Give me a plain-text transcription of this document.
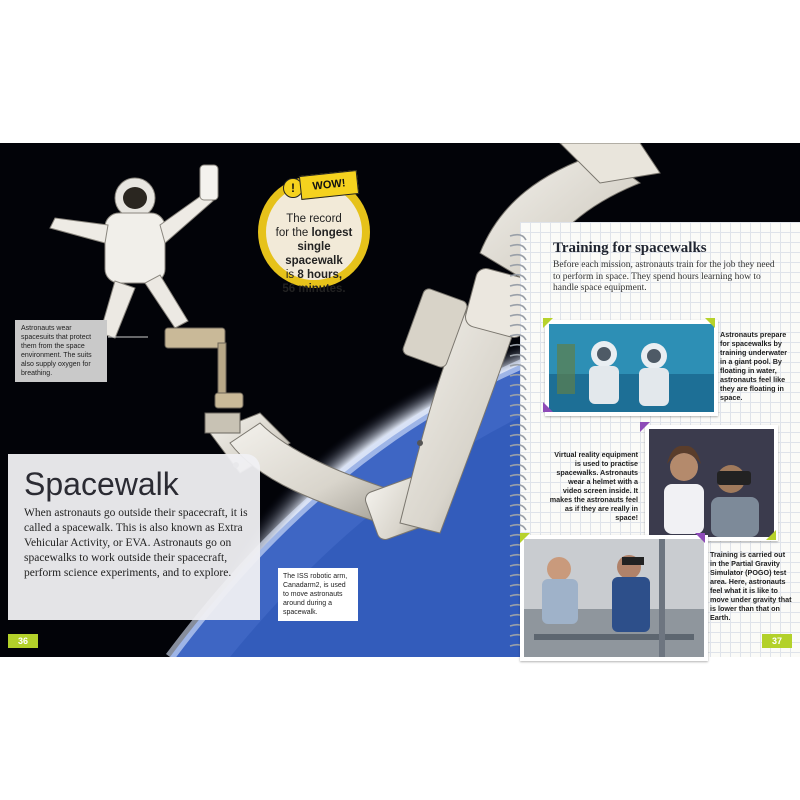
!	WOW!
The record
for the longest
single spacewalk
is 8 hours,
56 minutes.
Astronauts wear spacesuits that protect them from the space environment. The suits also supply oxygen for breathing.
The ISS robotic arm, Canadarm2, is used to move astronauts around during a spacewalk.
Spacewalk
When astronauts go outside their spacecraft, it is called a spacewalk. This is also known as Extra Vehicular Activity, or EVA. Astronauts go on spacewalks to work outside their spacecraft, perform science experiments, and to explore.
Training for spacewalks
Before each mission, astronauts train for the job they need to perform in space. They spend hours learning how to handle space equipment.
Astronauts prepare for spacewalks by training underwater in a giant pool. By floating in water, astronauts feel like they are floating in space.
Virtual reality equipment is used to practise spacewalks. Astronauts wear a helmet with a video screen inside. It makes the astronauts feel as if they are really in space!
Training is carried out in the Partial Gravity Simulator (POGO) test area. Here, astronauts feel what it is like to move under gravity that is lower than that on Earth.
36	37
